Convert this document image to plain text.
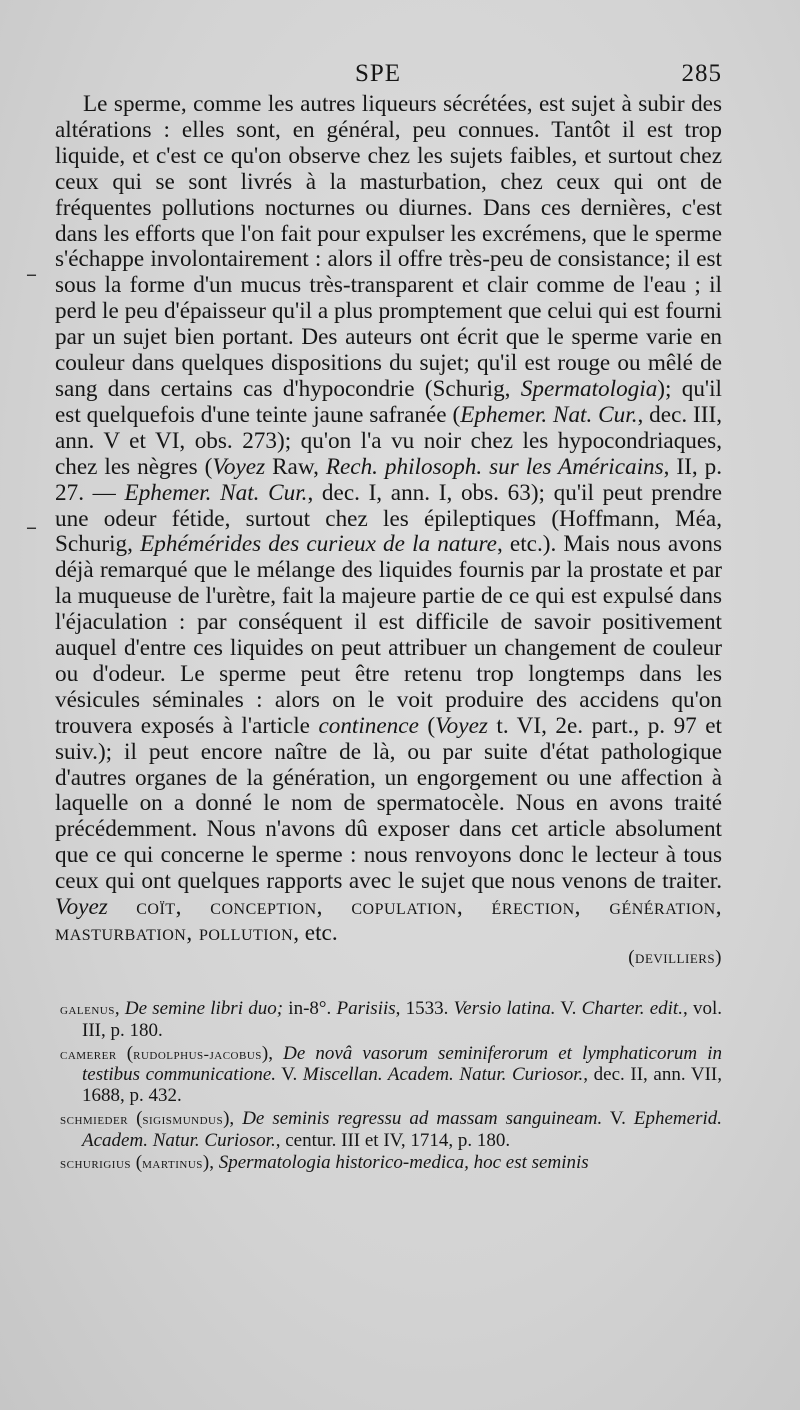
SPE	285
–
–

Le sperme, comme les autres liqueurs sécrétées, est sujet à subir des altérations : elles sont, en général, peu connues. Tantôt il est trop liquide, et c'est ce qu'on observe chez les sujets faibles, et surtout chez ceux qui se sont livrés à la masturbation, chez ceux qui ont de fréquentes pollutions nocturnes ou diurnes. Dans ces dernières, c'est dans les efforts que l'on fait pour expulser les excrémens, que le sperme s'échappe involontairement : alors il offre très-peu de consistance; il est sous la forme d'un mucus très-transparent et clair comme de l'eau ; il perd le peu d'épaisseur qu'il a plus promptement que celui qui est fourni par un sujet bien portant. Des auteurs ont écrit que le sperme varie en couleur dans quelques dispositions du sujet; qu'il est rouge ou mêlé de sang dans certains cas d'hypocondrie (Schurig, Spermatologia); qu'il est quelquefois d'une teinte jaune safranée (Ephemer. Nat. Cur., dec. III, ann. V et VI, obs. 273); qu'on l'a vu noir chez les hypocondriaques, chez les nègres (Voyez Raw, Rech. philosoph. sur les Américains, II, p. 27. — Ephemer. Nat. Cur., dec. I, ann. I, obs. 63); qu'il peut prendre une odeur fétide, surtout chez les épileptiques (Hoffmann, Méa, Schurig, Ephémérides des curieux de la nature, etc.). Mais nous avons déjà remarqué que le mélange des liquides fournis par la prostate et par la muqueuse de l'urètre, fait la majeure partie de ce qui est expulsé dans l'éjaculation : par conséquent il est difficile de savoir positivement auquel d'entre ces liquides on peut attribuer un changement de couleur ou d'odeur. Le sperme peut être retenu trop longtemps dans les vésicules séminales : alors on le voit produire des accidens qu'on trouvera exposés à l'article continence (Voyez t. VI, 2e. part., p. 97 et suiv.); il peut encore naître de là, ou par suite d'état pathologique d'autres organes de la génération, un engorgement ou une affection à laquelle on a donné le nom de spermatocèle. Nous en avons traité précédemment. Nous n'avons dû exposer dans cet article absolument que ce qui concerne le sperme : nous renvoyons donc le lecteur à tous ceux qui ont quelques rapports avec le sujet que nous venons de traiter. Voyez coït, conception, copulation, érection, génération, masturbation, pollution, etc.

(devilliers)

galenus, De semine libri duo; in-8°. Parisiis, 1533. Versio latina. V. Charter. edit., vol. III, p. 180.

camerer (rudolphus-jacobus), De novâ vasorum seminiferorum et lymphaticorum in testibus communicatione. V. Miscellan. Academ. Natur. Curiosor., dec. II, ann. VII, 1688, p. 432.

schmieder (sigismundus), De seminis regressu ad massam sanguineam. V. Ephemerid. Academ. Natur. Curiosor., centur. III et IV, 1714, p. 180.

schurigius (martinus), Spermatologia historico-medica, hoc est seminis
